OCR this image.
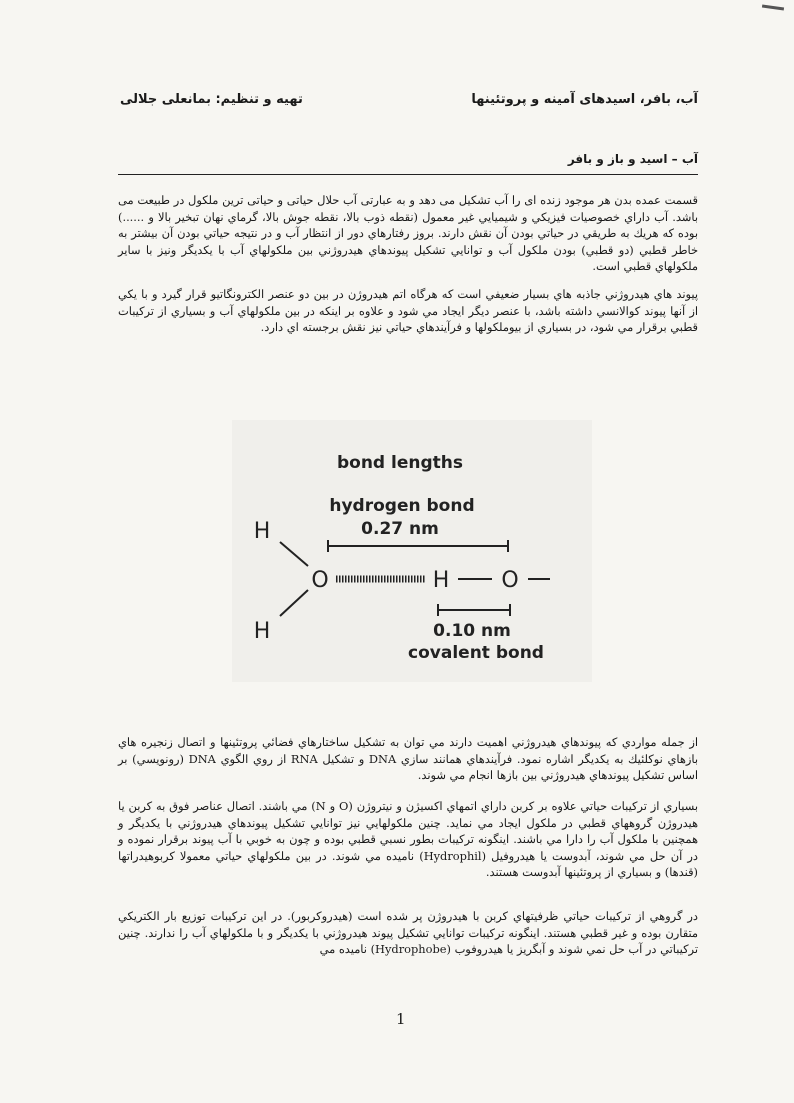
آب، بافر، اسیدهای آمینه و پروتئینها
تهیه و تنظیم: بمانعلی جلالی
آب – اسید و باز و بافر
قسمت عمده بدن هر موجود زنده ای را آب تشکیل می دهد و به عبارتی آب حلال حیاتی و حیاتی ترین ملکول در طبیعت می باشد. آب داراي خصوصيات فيزيكي و شيميايي غير معمول (نقطه ذوب بالا، نقطه جوش بالا، گرماي نهان تبخير بالا و ......) بوده كه هريك به طريقي در حياتي بودن آن نقش دارند. بروز رفتارهاي دور از انتظار آب و در نتيجه حياتي بودن آن بيشتر به خاطر قطبي (دو قطبي) بودن ملكول آب و توانايي تشكيل پيوندهاي هيدروژني بين ملكولهاي آب با يكديگر ونيز با ساير ملكولهاي قطبي است.
پيوند هاي هيدروژني جاذبه هاي بسيار ضعيفي است كه هرگاه اتم هيدروژن در بين دو عنصر الكترونگاتيو قرار گيرد و با يكي از آنها پيوند كوالانسي داشته باشد، با عنصر ديگر ايجاد مي شود و علاوه بر اينكه در بين ملكولهاي آب و بسياري از تركيبات قطبي برقرار مي شود، در بسياري از بيوملكولها و فرآيندهاي حياتي نيز نقش برجسته اي دارد.
bond lengths
hydrogen bond
0.27 nm
H
H
O	H O
0.10 nm
covalent bond
از جمله مواردي كه پيوندهاي هيدروژني اهميت دارند مي توان به تشكيل ساختارهاي فضائي پروتئينها و اتصال زنجيره هاي بازهاي نوكلئيك به يكديگر اشاره نمود. فرآيندهاي همانند سازي DNA و تشكيل RNA از روي الگوي DNA (رونويسي) بر اساس تشكيل پيوندهاي هيدروژني بين بازها انجام مي شوند.
بسياري از تركيبات حياتي علاوه بر كربن داراي اتمهاي اكسيژن و نيتروژن (O و N) مي باشند. اتصال عناصر فوق به كربن يا هيدروژن گروههاي قطبي در ملكول ايجاد مي نمايد. چنين ملكولهايي نيز توانايي تشكيل پيوندهاي هيدروژني با يكديگر و همچنين با ملكول آب را دارا مي باشند. اينگونه تركيبات بطور نسبي قطبي بوده و چون به خوبي با آب پيوند برقرار نموده و در آن حل مي شوند، آبدوست يا هيدروفيل (Hydrophil) ناميده مي شوند. در بين ملكولهاي حياتي معمولا كربوهيدراتها (قندها) و بسياري از پروتئينها آبدوست هستند.
در گروهي از تركيبات حياتي ظرفيتهاي كربن با هيدروژن پر شده است (هيدروكربور). در اين تركيبات توزيع بار الكتريكي متقارن بوده و غير قطبي هستند. اينگونه تركيبات توانايي تشكيل پيوند هيدروژني با يكديگر و با ملكولهاي آب را ندارند. چنين تركيباتي در آب حل نمي شوند و آبگريز يا هيدروفوب (Hydrophobe) ناميده مي
1
